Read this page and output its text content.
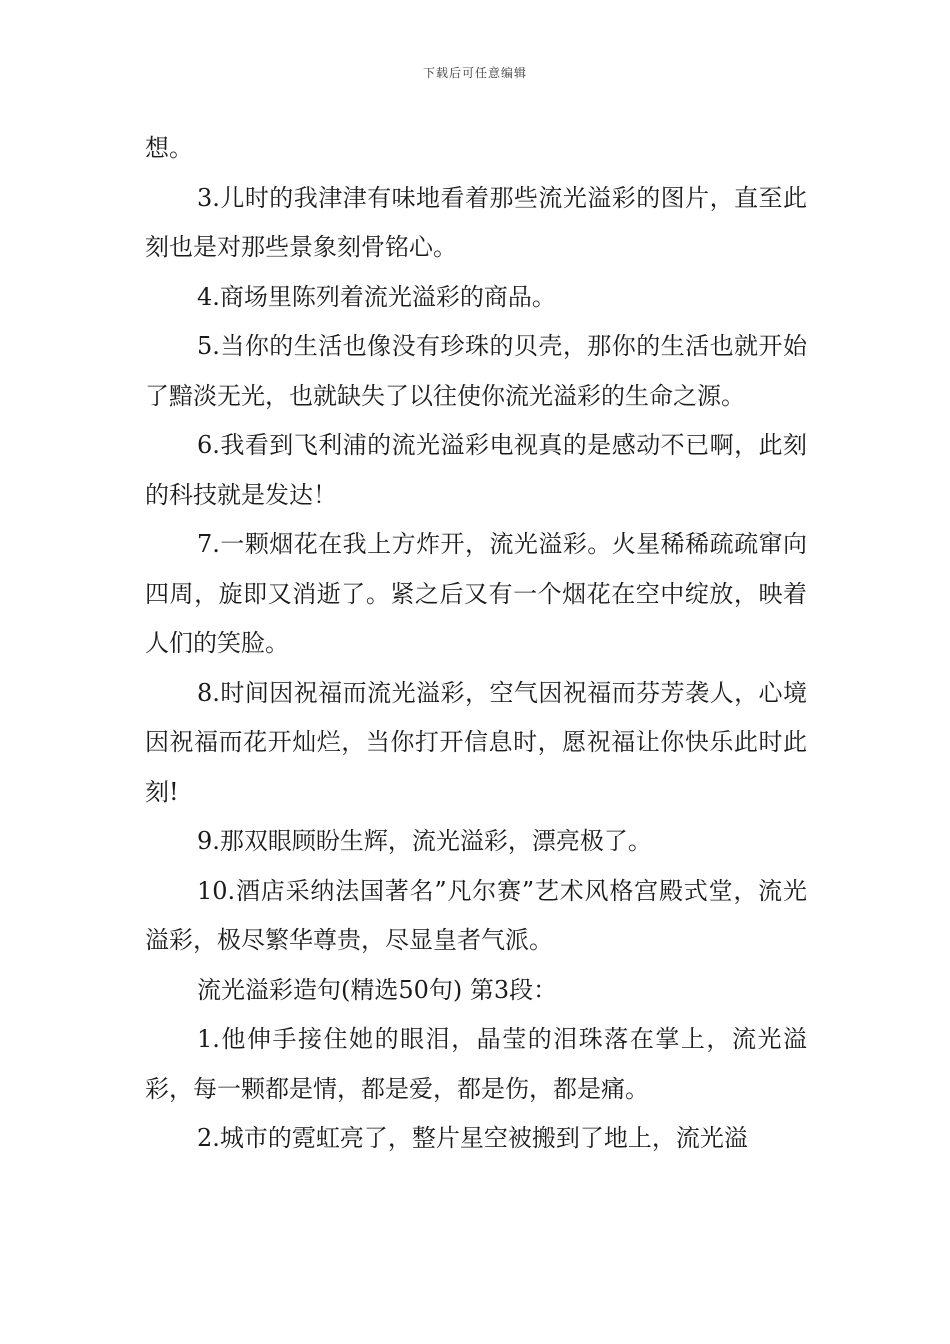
下载后可任意编辑

想。

3.儿时的我津津有味地看着那些流光溢彩的图片，直至此刻也是对那些景象刻骨铭心。

4.商场里陈列着流光溢彩的商品。

5.当你的生活也像没有珍珠的贝壳，那你的生活也就开始了黯淡无光，也就缺失了以往使你流光溢彩的生命之源。

6.我看到飞利浦的流光溢彩电视真的是感动不已啊，此刻的科技就是发达！

7.一颗烟花在我上方炸开，流光溢彩。火星稀稀疏疏窜向四周，旋即又消逝了。紧之后又有一个烟花在空中绽放，映着人们的笑脸。

8.时间因祝福而流光溢彩，空气因祝福而芬芳袭人，心境因祝福而花开灿烂，当你打开信息时，愿祝福让你快乐此时此刻!

9.那双眼顾盼生辉，流光溢彩，漂亮极了。

10.酒店采纳法国著名”凡尔赛”艺术风格宫殿式堂，流光溢彩，极尽繁华尊贵，尽显皇者气派。

流光溢彩造句(精选50句) 第3段：

1.他伸手接住她的眼泪，晶莹的泪珠落在掌上，流光溢彩，每一颗都是情，都是爱，都是伤，都是痛。

2.城市的霓虹亮了，整片星空被搬到了地上，流光溢
